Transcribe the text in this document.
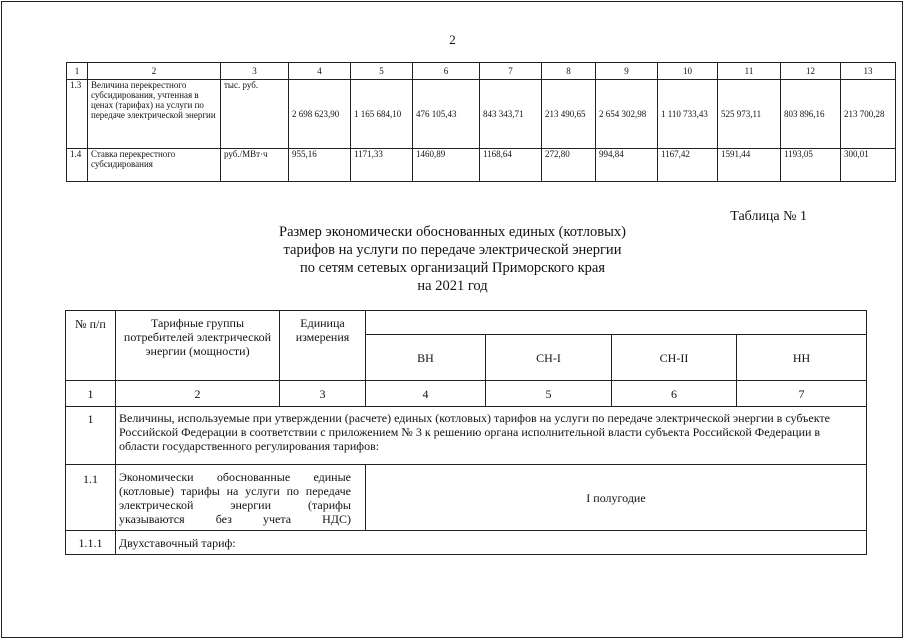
2
1	2	3	4	5	6	7	8	9	10	11	12	13
1.3	Величина перекрестного субсидирования, учтенная в ценах (тарифах) на услуги по передаче электрической энергии	тыс. руб.	2 698 623,90	1 165 684,10	476 105,43	843 343,71	213 490,65	2 654 302,98	1 110 733,43	525 973,11	803 896,16	213 700,28
1.4	Ставка перекрестного субсидирования	руб./МВт·ч	955,16	1171,33	1460,89	1168,64	272,80	994,84	1167,42	1591,44	1193,05	300,01
Таблица № 1
Размер экономически обоснованных единых (котловых)
тарифов на услуги по передаче электрической энергии
по сетям сетевых организаций Приморского края
на 2021 год
№ п/п	Тарифные группы потребителей электрической энергии (мощности)	Единица измерения				
			ВН	СН-I	СН-II	НН
1	2	3	4	5	6	7
1	Величины, используемые при утверждении (расчете) единых (котловых) тарифов на услуги по передаче электрической энергии в субъекте Российской Федерации в соответствии с приложением № 3 к решению органа исполнительной власти субъекта Российской Федерации в области государственного регулирования тарифов:					
1.1	Экономически обоснованные единые (котловые) тарифы на услуги по передаче электрической энергии (тарифы указываются без учета НДС)		I полугодие			
1.1.1	Двухставочный тариф:					
